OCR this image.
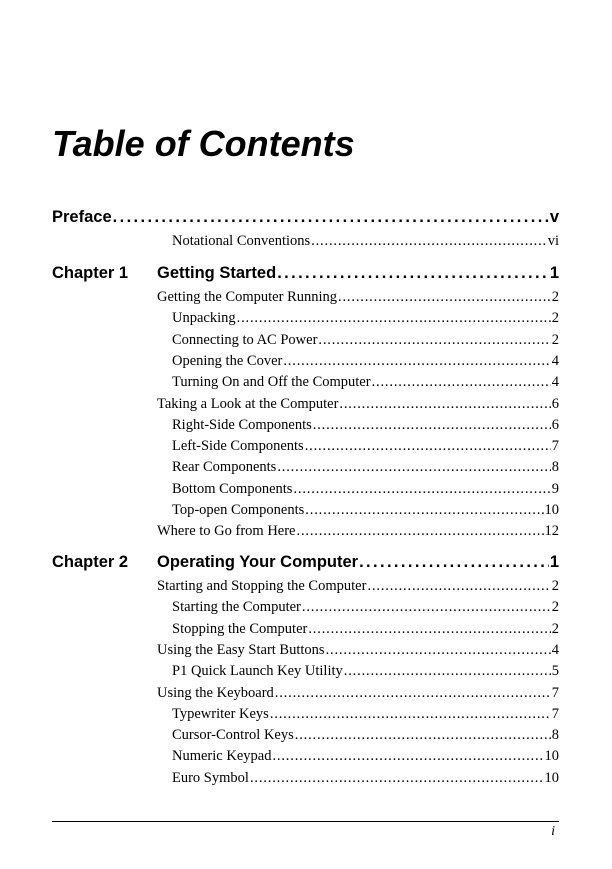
Table of Contents
Preface . . .	v
Notational Conventions . . .	vi
Chapter 1 Getting Started . . .	1
Getting the Computer Running . . .	2
Unpacking . . .	2
Connecting to AC Power . . .	2
Opening the Cover . . .	4
Turning On and Off the Computer . . .	4
Taking a Look at the Computer . . .	6
Right-Side Components . . .	6
Left-Side Components . . .	7
Rear Components . . .	8
Bottom Components . . .	9
Top-open Components . . .	10
Where to Go from Here . . .	12
Chapter 2 Operating Your Computer . . .	1
Starting and Stopping the Computer . . .	2
Starting the Computer . . .	2
Stopping the Computer . . .	2
Using the Easy Start Buttons . . .	4
P1 Quick Launch Key Utility . . .	5
Using the Keyboard . . .	7
Typewriter Keys . . .	7
Cursor-Control Keys . . .	8
Numeric Keypad . . .	10
Euro Symbol . . .	10
i
